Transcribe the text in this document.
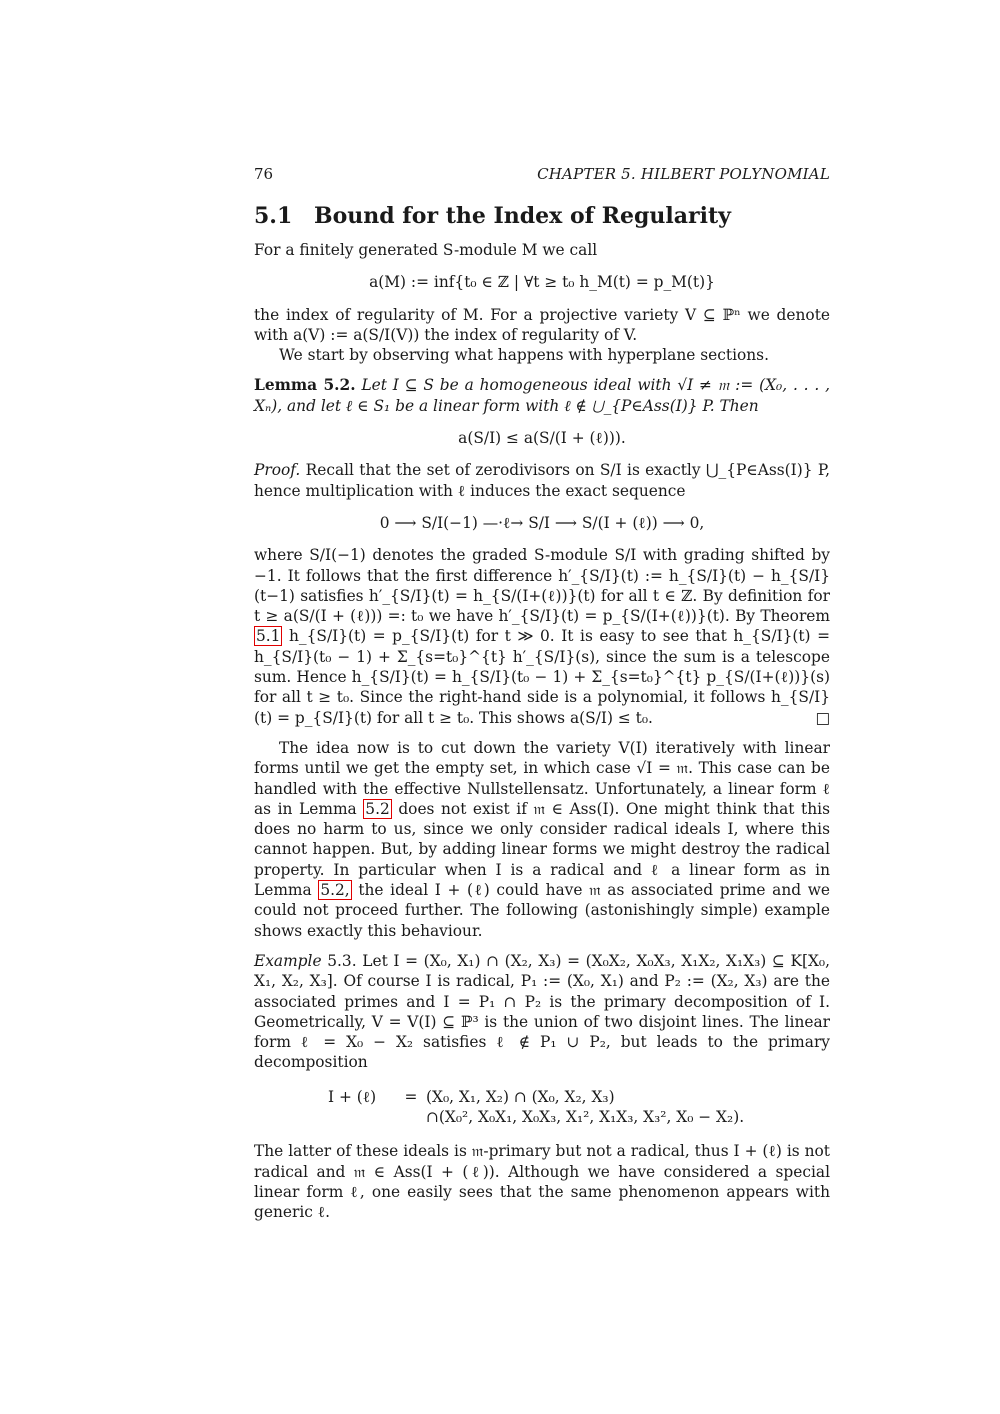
76	CHAPTER 5. HILBERT POLYNOMIAL
5.1 Bound for the Index of Regularity

For a finitely generated S-module M we call

a(M) := inf{t₀ ∈ ℤ | ∀t ≥ t₀ h_M(t) = p_M(t)}

the index of regularity of M. For a projective variety V ⊆ ℙⁿ we denote with a(V) := a(S/I(V)) the index of regularity of V.

We start by observing what happens with hyperplane sections.

Lemma 5.2. Let I ⊆ S be a homogeneous ideal with √I ≠ 𝔪 := (X₀, . . . , Xₙ), and let ℓ ∈ S₁ be a linear form with ℓ ∉ ⋃_{P∈Ass(I)} P. Then

a(S/I) ≤ a(S/(I + (ℓ))).

Proof. Recall that the set of zerodivisors on S/I is exactly ⋃_{P∈Ass(I)} P, hence multiplication with ℓ induces the exact sequence

0 ⟶ S/I(−1) —·ℓ→ S/I ⟶ S/(I + (ℓ)) ⟶ 0,

where S/I(−1) denotes the graded S-module S/I with grading shifted by −1. It follows that the first difference h′_{S/I}(t) := h_{S/I}(t) − h_{S/I}(t−1) satisfies h′_{S/I}(t) = h_{S/(I+(ℓ))}(t) for all t ∈ ℤ. By definition for t ≥ a(S/(I + (ℓ))) =: t₀ we have h′_{S/I}(t) = p_{S/(I+(ℓ))}(t). By Theorem 5.1 h_{S/I}(t) = p_{S/I}(t) for t ≫ 0. It is easy to see that h_{S/I}(t) = h_{S/I}(t₀ − 1) + Σ_{s=t₀}^{t} h′_{S/I}(s), since the sum is a telescope sum. Hence h_{S/I}(t) = h_{S/I}(t₀ − 1) + Σ_{s=t₀}^{t} p_{S/(I+(ℓ))}(s) for all t ≥ t₀. Since the right-hand side is a polynomial, it follows h_{S/I}(t) = p_{S/I}(t) for all t ≥ t₀. This shows a(S/I) ≤ t₀.	□

The idea now is to cut down the variety V(I) iteratively with linear forms until we get the empty set, in which case √I = 𝔪. This case can be handled with the effective Nullstellensatz. Unfortunately, a linear form ℓ as in Lemma 5.2 does not exist if 𝔪 ∈ Ass(I). One might think that this does no harm to us, since we only consider radical ideals I, where this cannot happen. But, by adding linear forms we might destroy the radical property. In particular when I is a radical and ℓ a linear form as in Lemma 5.2, the ideal I + (ℓ) could have 𝔪 as associated prime and we could not proceed further. The following (astonishingly simple) example shows exactly this behaviour.

Example 5.3. Let I = (X₀, X₁) ∩ (X₂, X₃) = (X₀X₂, X₀X₃, X₁X₂, X₁X₃) ⊆ K[X₀, X₁, X₂, X₃]. Of course I is radical, P₁ := (X₀, X₁) and P₂ := (X₂, X₃) are the associated primes and I = P₁ ∩ P₂ is the primary decomposition of I. Geometrically, V = V(I) ⊆ ℙ³ is the union of two disjoint lines. The linear form ℓ = X₀ − X₂ satisfies ℓ ∉ P₁ ∪ P₂, but leads to the primary decomposition

I + (ℓ)	= (X₀, X₁, X₂) ∩ (X₀, X₂, X₃)
∩(X₀², X₀X₁, X₀X₃, X₁², X₁X₃, X₃², X₀ − X₂).

The latter of these ideals is 𝔪-primary but not a radical, thus I + (ℓ) is not radical and 𝔪 ∈ Ass(I + (ℓ)). Although we have considered a special linear form ℓ, one easily sees that the same phenomenon appears with generic ℓ.
